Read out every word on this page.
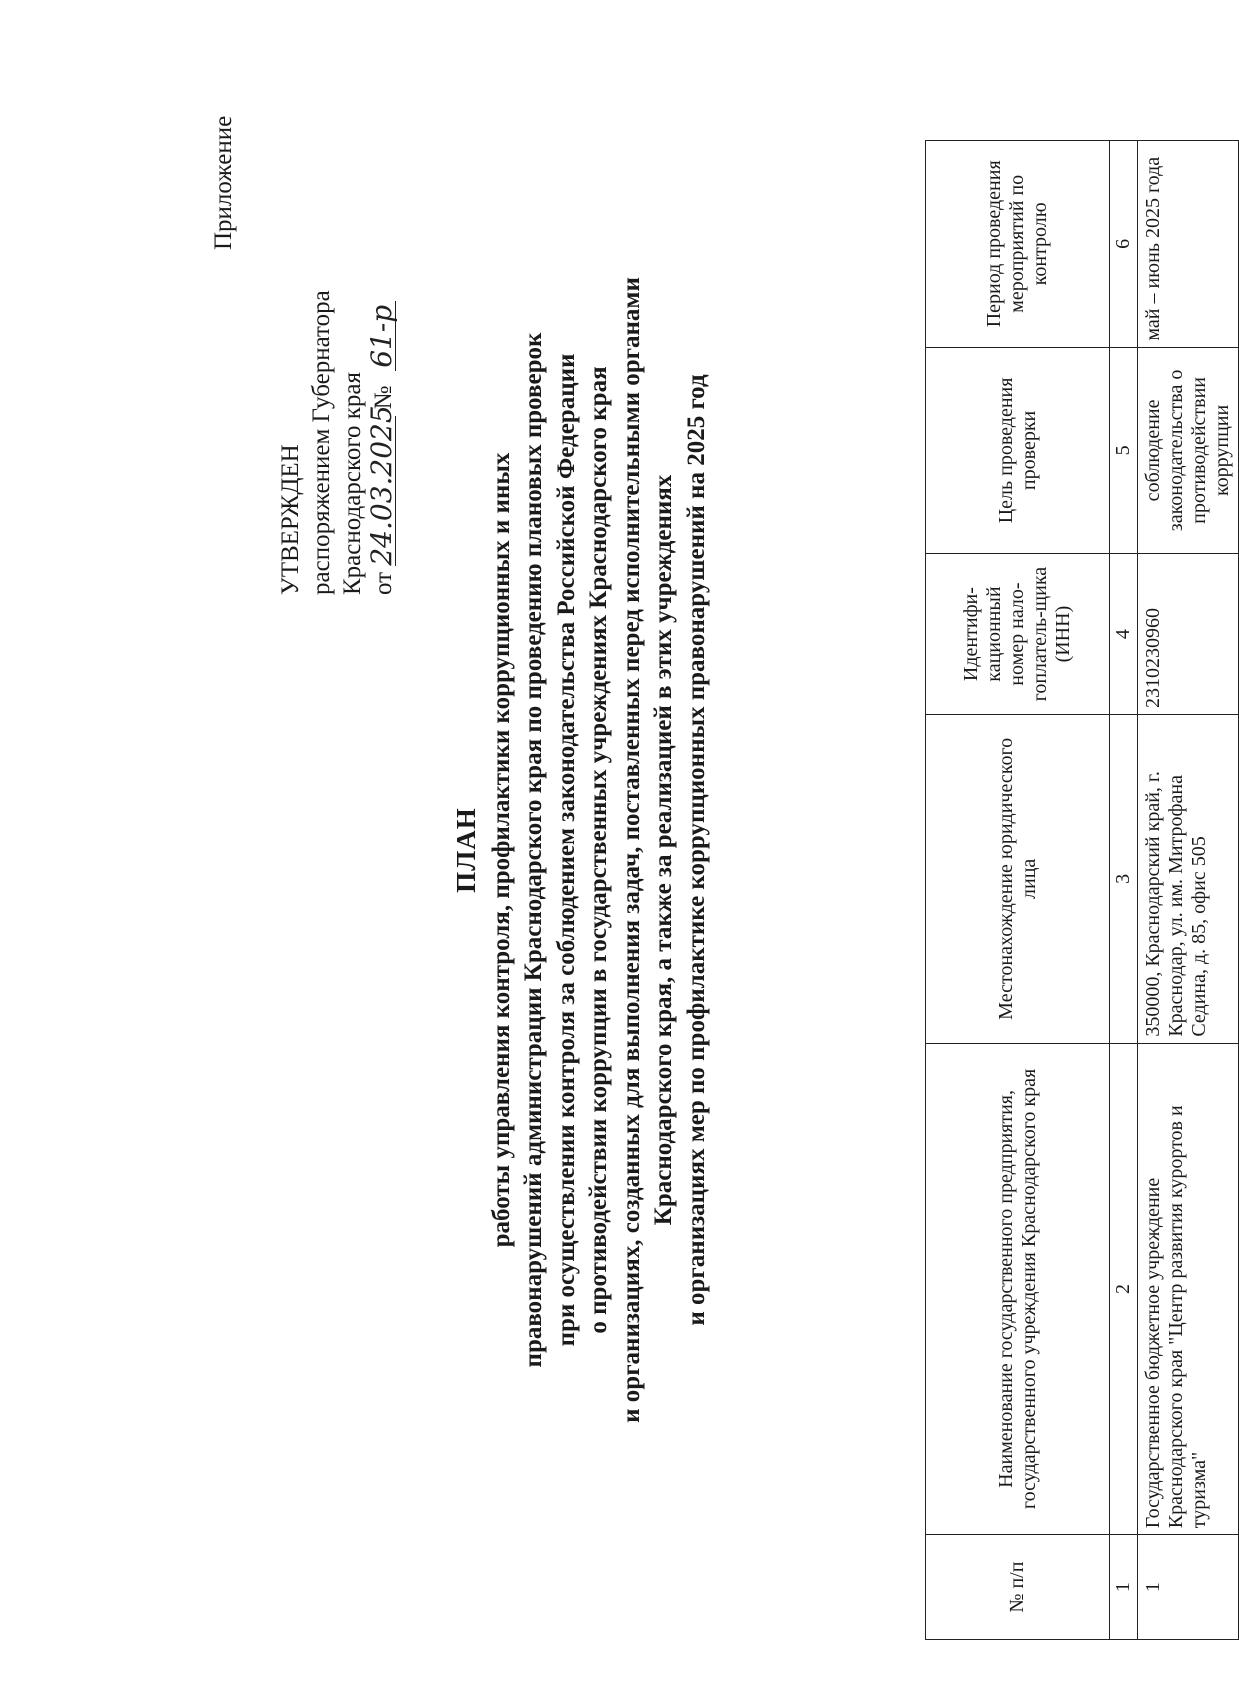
Приложение
УТВЕРЖДЕН распоряжением Губернатора Краснодарского края от 24.03.2025 № 61-р
ПЛАН работы управления контроля, профилактики коррупционных и иных правонарушений администрации Краснодарского края по проведению плановых проверок при осуществлении контроля за соблюдением законодательства Российской Федерации о противодействии коррупции в государственных учреждениях Краснодарского края и организациях, созданных для выполнения задач, поставленных перед исполнительными органами Краснодарского края, а также за реализацией в этих учреждениях и организациях мер по профилактике коррупционных правонарушений на 2025 год
№ п/п	Наименование государственного предприятия, государственного учреждения Краснодарского края	Местонахождение юридического лица	Идентифи-кационный номер нало-гоплатель-щика (ИНН)	Цель проведения проверки	Период проведения мероприятий по контролю
1	2	3	4	5	6
1	Государственное бюджетное учреждение Краснодарского края "Центр развития курортов и туризма"	350000, Краснодарский край, г. Краснодар, ул. им. Митрофана Седина, д. 85, офис 505	2310230960	соблюдение законодательства о противодействии коррупции	май – июнь 2025 года
